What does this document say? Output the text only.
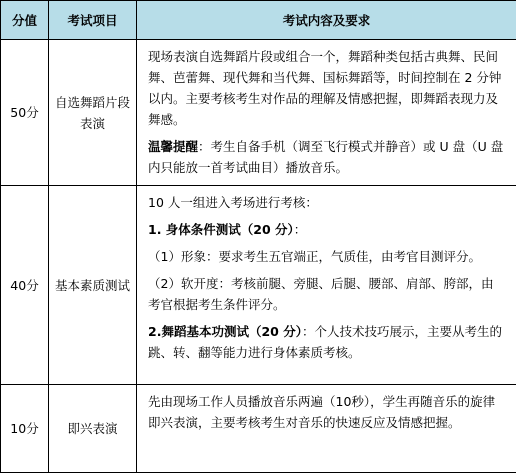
分值	考试项目	考试内容及要求
50分	自选舞蹈片段表演	现场表演自选舞蹈片段或组合一个，舞蹈种类包括古典舞、民间舞、芭蕾舞、现代舞和当代舞、国标舞蹈等，时间控制在 2 分钟以内。主要考核考生对作品的理解及情感把握，即舞蹈表现力及舞感。

温馨提醒：考生自备手机（调至飞行模式并静音）或 U 盘（U 盘内只能放一首考试曲目）播放音乐。

40分	基本素质测试	10 人一组进入考场进行考核：

1. 身体条件测试（20 分）：

（1）形象：要求考生五官端正，气质佳，由考官目测评分。

（2）软开度：考核前腿、旁腿、后腿、腰部、肩部、胯部，由考官根据考生条件评分。

2.舞蹈基本功测试（20 分）：个人技术技巧展示，主要从考生的跳、转、翻等能力进行身体素质考核。

10分	即兴表演	先由现场工作人员播放音乐两遍（10秒），学生再随音乐的旋律即兴表演，主要考核考生对音乐的快速反应及情感把握。
